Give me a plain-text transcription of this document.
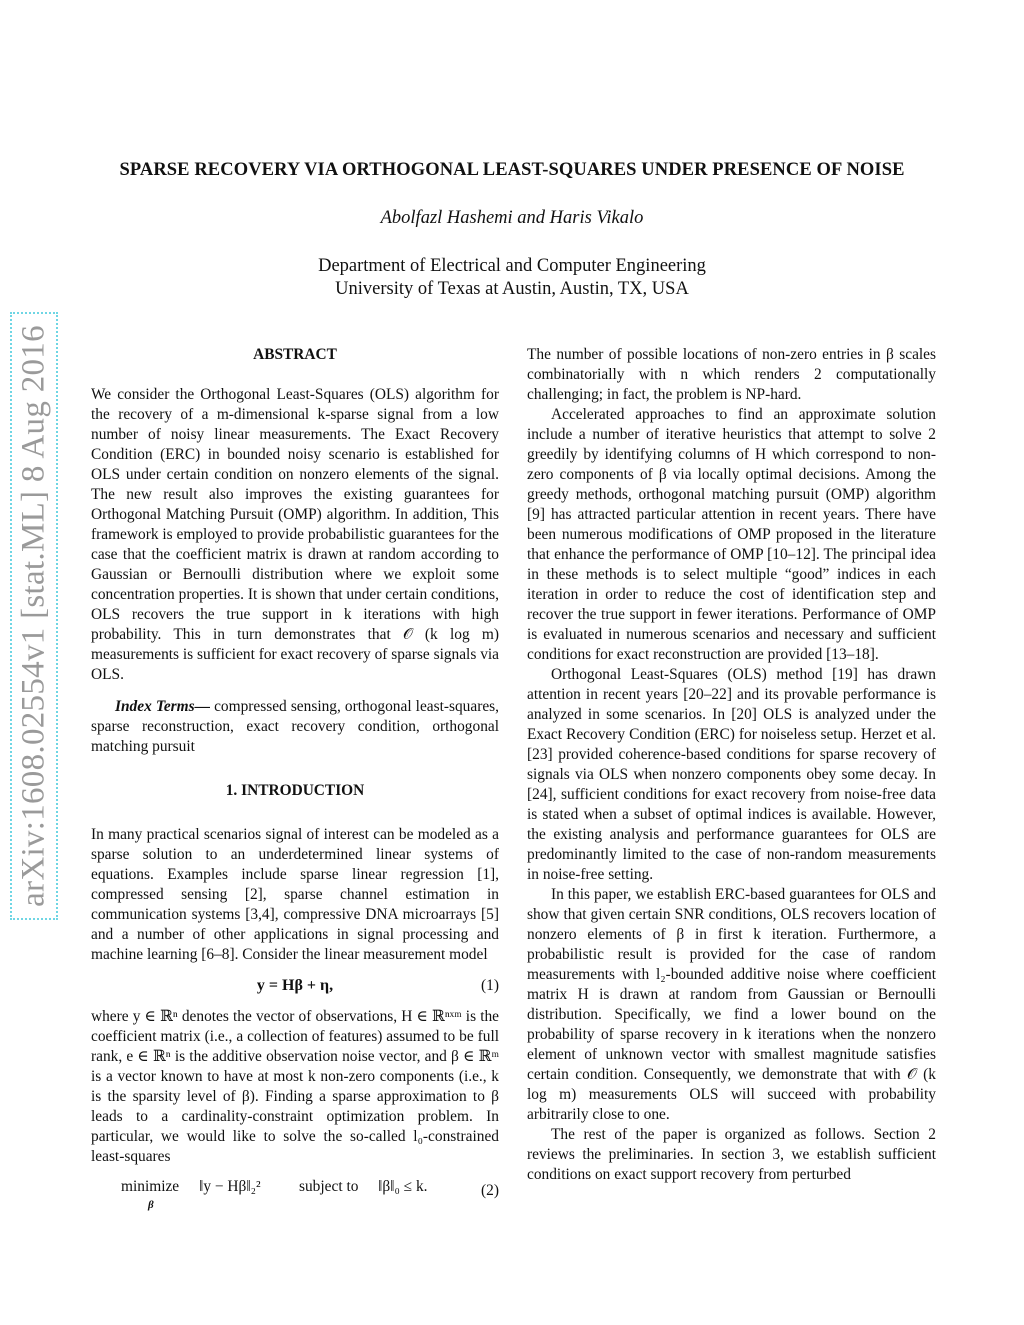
arXiv:1608.02554v1 [stat.ML] 8 Aug 2016
SPARSE RECOVERY VIA ORTHOGONAL LEAST-SQUARES UNDER PRESENCE OF NOISE
Abolfazl Hashemi and Haris Vikalo
Department of Electrical and Computer Engineering
University of Texas at Austin, Austin, TX, USA
ABSTRACT

We consider the Orthogonal Least-Squares (OLS) algorithm for the recovery of a m-dimensional k-sparse signal from a low number of noisy linear measurements. The Exact Recovery Condition (ERC) in bounded noisy scenario is established for OLS under certain condition on nonzero elements of the signal. The new result also improves the existing guarantees for Orthogonal Matching Pursuit (OMP) algorithm. In addition, This framework is employed to provide probabilistic guarantees for the case that the coefficient matrix is drawn at random according to Gaussian or Bernoulli distribution where we exploit some concentration properties. It is shown that under certain conditions, OLS recovers the true support in k iterations with high probability. This in turn demonstrates that 𝒪 (k log m) measurements is sufficient for exact recovery of sparse signals via OLS.

Index Terms— compressed sensing, orthogonal least-squares, sparse reconstruction, exact recovery condition, orthogonal matching pursuit

1. INTRODUCTION

In many practical scenarios signal of interest can be modeled as a sparse solution to an underdetermined linear systems of equations. Examples include sparse linear regression [1], compressed sensing [2], sparse channel estimation in communication systems [3,4], compressive DNA microarrays [5] and a number of other applications in signal processing and machine learning [6–8]. Consider the linear measurement model

y = Hβ + η,	(1)

where y ∈ ℝⁿ denotes the vector of observations, H ∈ ℝⁿˣᵐ is the coefficient matrix (i.e., a collection of features) assumed to be full rank, e ∈ ℝⁿ is the additive observation noise vector, and β ∈ ℝᵐ is a vector known to have at most k non-zero components (i.e., k is the sparsity level of β). Finding a sparse approximation to β leads to a cardinality-constraint optimization problem. In particular, we would like to solve the so-called l₀-constrained least-squares

minimize
β
‖y − Hβ‖₂² subject to ‖β‖₀ ≤ k.	(2)

The number of possible locations of non-zero entries in β scales combinatorially with n which renders 2 computationally challenging; in fact, the problem is NP-hard.

Accelerated approaches to find an approximate solution include a number of iterative heuristics that attempt to solve 2 greedily by identifying columns of H which correspond to non-zero components of β via locally optimal decisions. Among the greedy methods, orthogonal matching pursuit (OMP) algorithm [9] has attracted particular attention in recent years. There have been numerous modifications of OMP proposed in the literature that enhance the performance of OMP [10–12]. The principal idea in these methods is to select multiple “good” indices in each iteration in order to reduce the cost of identification step and recover the true support in fewer iterations. Performance of OMP is evaluated in numerous scenarios and necessary and sufficient conditions for exact reconstruction are provided [13–18].

Orthogonal Least-Squares (OLS) method [19] has drawn attention in recent years [20–22] and its provable performance is analyzed in some scenarios. In [20] OLS is analyzed under the Exact Recovery Condition (ERC) for noiseless setup. Herzet et al. [23] provided coherence-based conditions for sparse recovery of signals via OLS when nonzero components obey some decay. In [24], sufficient conditions for exact recovery from noise-free data is stated when a subset of optimal indices is available. However, the existing analysis and performance guarantees for OLS are predominantly limited to the case of non-random measurements in noise-free setting.

In this paper, we establish ERC-based guarantees for OLS and show that given certain SNR conditions, OLS recovers location of nonzero elements of β in first k iteration. Furthermore, a probabilistic result is provided for the case of random measurements with l₂-bounded additive noise where coefficient matrix H is drawn at random from Gaussian or Bernoulli distribution. Specifically, we find a lower bound on the probability of sparse recovery in k iterations when the nonzero element of unknown vector with smallest magnitude satisfies certain condition. Consequently, we demonstrate that with 𝒪 (k log m) measurements OLS will succeed with probability arbitrarily close to one.

The rest of the paper is organized as follows. Section 2 reviews the preliminaries. In section 3, we establish sufficient conditions on exact support recovery from perturbed
